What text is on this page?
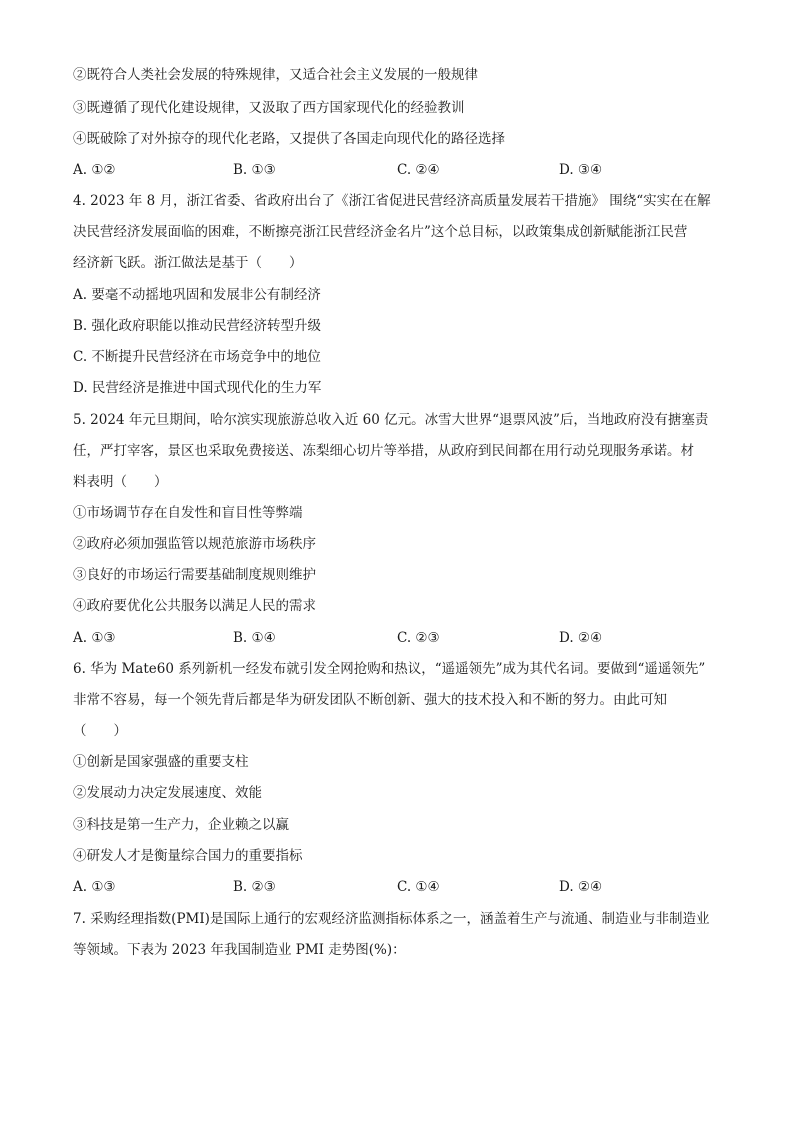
②既符合人类社会发展的特殊规律，又适合社会主义发展的一般规律
③既遵循了现代化建设规律，又汲取了西方国家现代化的经验教训
④既破除了对外掠夺的现代化老路，又提供了各国走向现代化的路径选择
A. ①②	B. ①③	C. ②④	D. ③④
4. 2023 年 8 月，浙江省委、省政府出台了《浙江省促进民营经济高质量发展若干措施》 围绕“实实在在解
决民营经济发展面临的困难，不断擦亮浙江民营经济金名片”这个总目标，以政策集成创新赋能浙江民营
经济新飞跃。浙江做法是基于（　　）
A. 要毫不动摇地巩固和发展非公有制经济
B. 强化政府职能以推动民营经济转型升级
C. 不断提升民营经济在市场竞争中的地位
D. 民营经济是推进中国式现代化的生力军
5. 2024 年元旦期间，哈尔滨实现旅游总收入近 60 亿元。冰雪大世界“退票风波”后，当地政府没有搪塞责
任，严打宰客，景区也采取免费接送、冻梨细心切片等举措，从政府到民间都在用行动兑现服务承诺。材
料表明（　　）
①市场调节存在自发性和盲目性等弊端
②政府必须加强监管以规范旅游市场秩序
③良好的市场运行需要基础制度规则维护
④政府要优化公共服务以满足人民的需求
A. ①③	B. ①④	C. ②③	D. ②④
6. 华为 Mate60 系列新机一经发布就引发全网抢购和热议，“遥遥领先”成为其代名词。要做到“遥遥领先”
非常不容易，每一个领先背后都是华为研发团队不断创新、强大的技术投入和不断的努力。由此可知
（　　）
①创新是国家强盛的重要支柱
②发展动力决定发展速度、效能
③科技是第一生产力，企业赖之以赢
④研发人才是衡量综合国力的重要指标
A. ①③	B. ②③	C. ①④	D. ②④
7. 采购经理指数(PMI)是国际上通行的宏观经济监测指标体系之一，涵盖着生产与流通、制造业与非制造业
等领域。下表为 2023 年我国制造业 PMI 走势图(%)：
